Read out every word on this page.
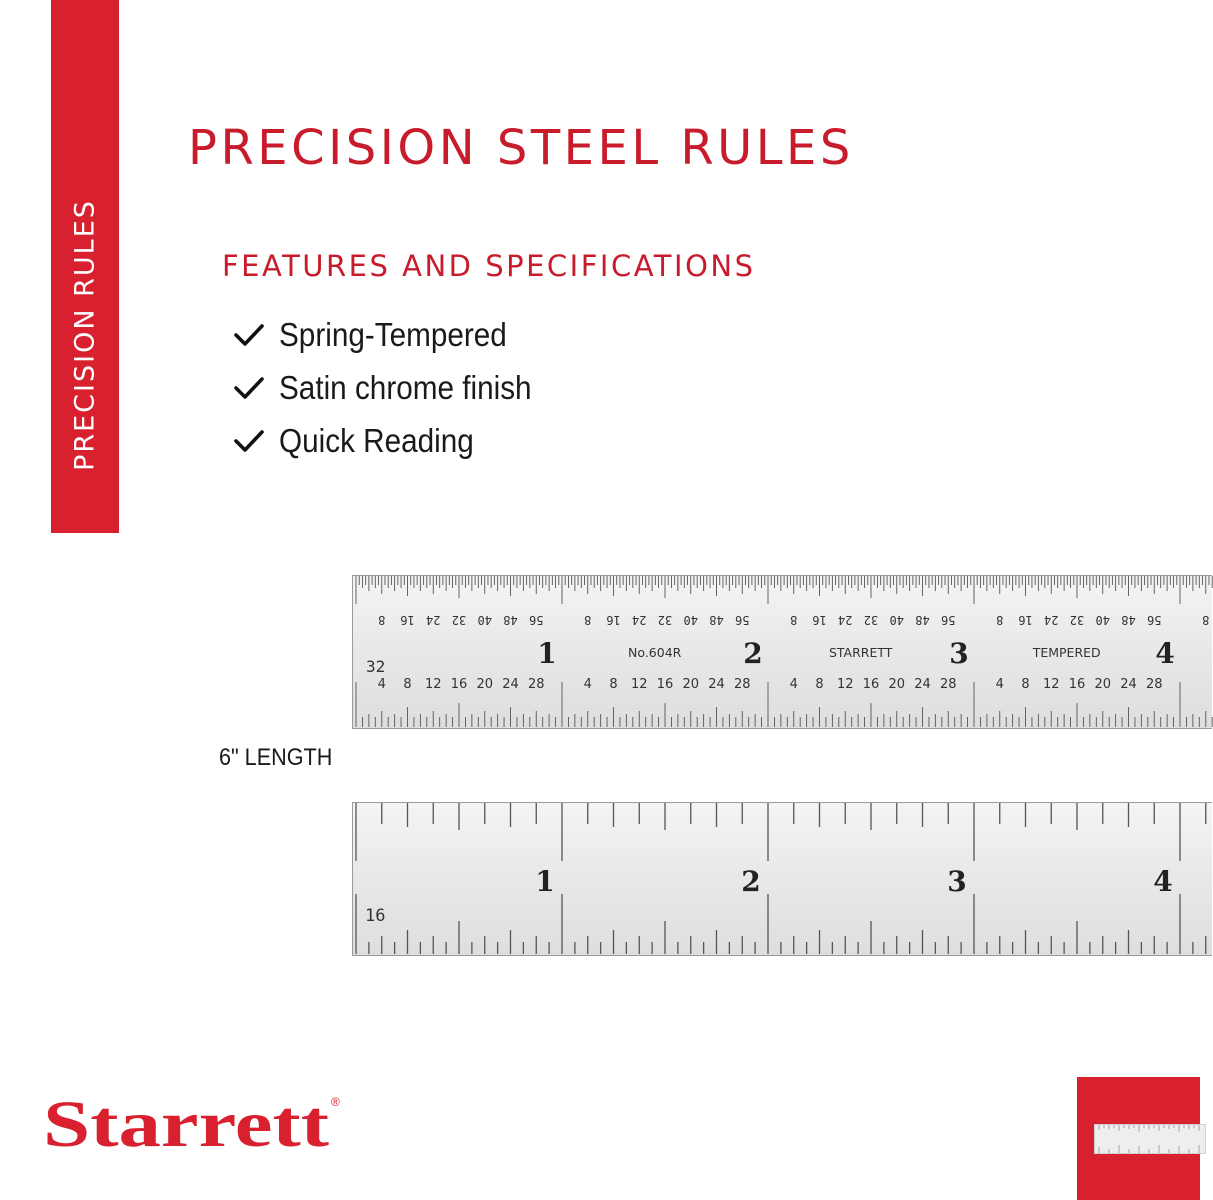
PRECISION RULES
PRECISION STEEL RULES
FEATURES AND SPECIFICATIONS
Spring-Tempered
Satin chrome finish
Quick Reading
8 16 24 32 40 48 56
4 8 12 16 20 24 28
8 16 24 32 40 48 56
4 8 12 16 20 24 28
8 16 24 32 40 48 56
4 8 12 16 20 24 28
8 16 24 32 40 48 56
4 8 12 16 20 24 28
8
1	2	3	4
32
No.604R	STARRETT	TEMPERED
6" LENGTH
1	2	3	4
16
Starrett ®
